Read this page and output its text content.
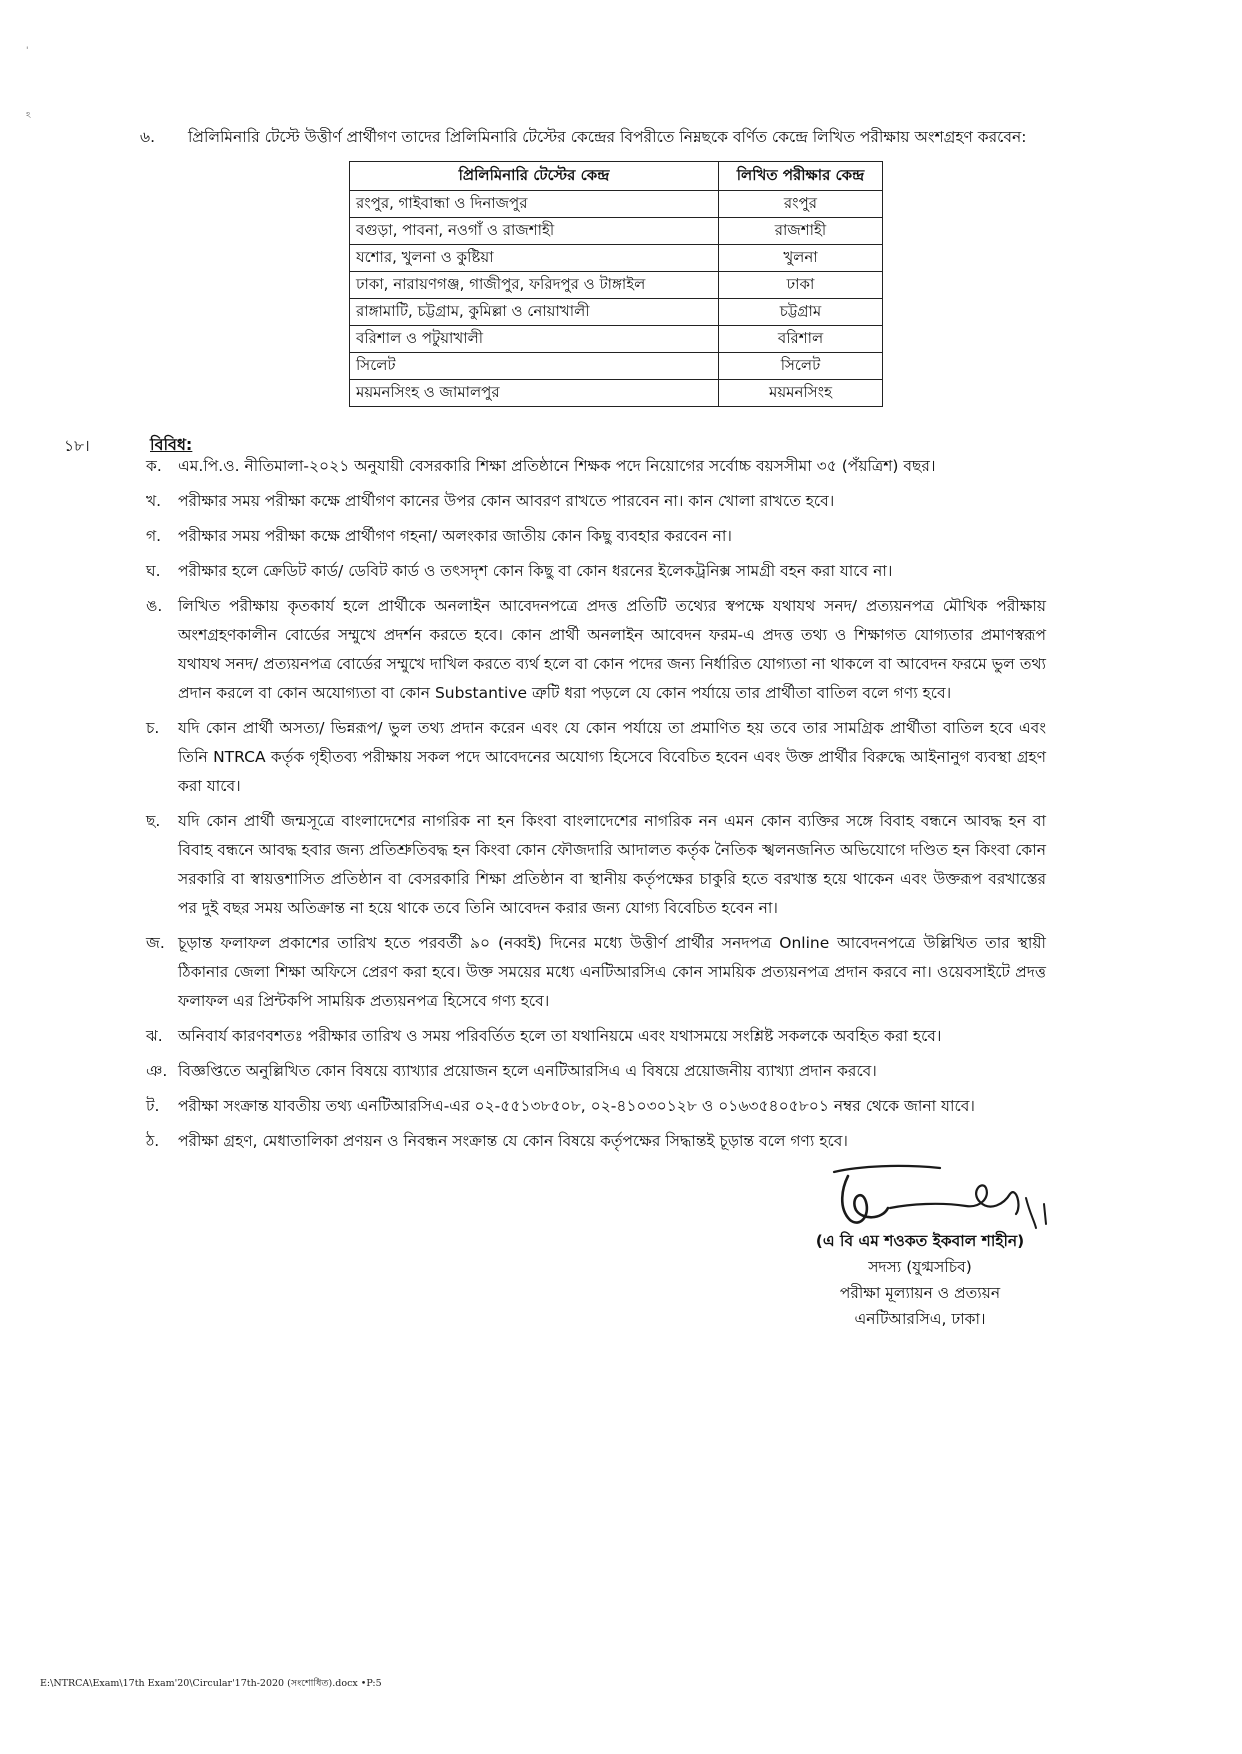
'
ঽ
৬. প্রিলিমিনারি টেস্টে উত্তীর্ণ প্রার্থীগণ তাদের প্রিলিমিনারি টেস্টের কেন্দ্রের বিপরীতে নিম্নছকে বর্ণিত কেন্দ্রে লিখিত পরীক্ষায় অংশগ্রহণ করবেন:
প্রিলিমিনারি টেস্টের কেন্দ্র	লিখিত পরীক্ষার কেন্দ্র
রংপুর, গাইবান্ধা ও দিনাজপুর	রংপুর
বগুড়া, পাবনা, নওগাঁ ও রাজশাহী	রাজশাহী
যশোর, খুলনা ও কুষ্টিয়া	খুলনা
ঢাকা, নারায়ণগঞ্জ, গাজীপুর, ফরিদপুর ও টাঙ্গাইল	ঢাকা
রাঙ্গামাটি, চট্টগ্রাম, কুমিল্লা ও নোয়াখালী	চট্টগ্রাম
বরিশাল ও পটুয়াখালী	বরিশাল
সিলেট	সিলেট
ময়মনসিংহ ও জামালপুর	ময়মনসিংহ
১৮।	বিবিধ:
ক. এম.পি.ও. নীতিমালা-২০২১ অনুযায়ী বেসরকারি শিক্ষা প্রতিষ্ঠানে শিক্ষক পদে নিয়োগের সর্বোচ্চ বয়সসীমা ৩৫ (পঁয়ত্রিশ) বছর।
খ. পরীক্ষার সময় পরীক্ষা কক্ষে প্রার্থীগণ কানের উপর কোন আবরণ রাখতে পারবেন না। কান খোলা রাখতে হবে।
গ. পরীক্ষার সময় পরীক্ষা কক্ষে প্রার্থীগণ গহনা/ অলংকার জাতীয় কোন কিছু ব্যবহার করবেন না।
ঘ. পরীক্ষার হলে ক্রেডিট কার্ড/ ডেবিট কার্ড ও তৎসদৃশ কোন কিছু বা কোন ধরনের ইলেকট্রনিক্স সামগ্রী বহন করা যাবে না।
ঙ. লিখিত পরীক্ষায় কৃতকার্য হলে প্রার্থীকে অনলাইন আবেদনপত্রে প্রদত্ত প্রতিটি তথ্যের স্বপক্ষে যথাযথ সনদ/ প্রত্যয়নপত্র মৌখিক পরীক্ষায় অংশগ্রহণকালীন বোর্ডের সম্মুখে প্রদর্শন করতে হবে। কোন প্রার্থী অনলাইন আবেদন ফরম-এ প্রদত্ত তথ্য ও শিক্ষাগত যোগ্যতার প্রমাণস্বরূপ যথাযথ সনদ/ প্রত্যয়নপত্র বোর্ডের সম্মুখে দাখিল করতে ব্যর্থ হলে বা কোন পদের জন্য নির্ধারিত যোগ্যতা না থাকলে বা আবেদন ফরমে ভুল তথ্য প্রদান করলে বা কোন অযোগ্যতা বা কোন Substantive ত্রুটি ধরা পড়লে যে কোন পর্যায়ে তার প্রার্থীতা বাতিল বলে গণ্য হবে।
চ. যদি কোন প্রার্থী অসত্য/ ভিন্নরূপ/ ভুল তথ্য প্রদান করেন এবং যে কোন পর্যায়ে তা প্রমাণিত হয় তবে তার সামগ্রিক প্রার্থীতা বাতিল হবে এবং তিনি NTRCA কর্তৃক গৃহীতব্য পরীক্ষায় সকল পদে আবেদনের অযোগ্য হিসেবে বিবেচিত হবেন এবং উক্ত প্রার্থীর বিরুদ্ধে আইনানুগ ব্যবস্থা গ্রহণ করা যাবে।
ছ. যদি কোন প্রার্থী জন্মসূত্রে বাংলাদেশের নাগরিক না হন কিংবা বাংলাদেশের নাগরিক নন এমন কোন ব্যক্তির সঙ্গে বিবাহ বন্ধনে আবদ্ধ হন বা বিবাহ বন্ধনে আবদ্ধ হবার জন্য প্রতিশ্রুতিবদ্ধ হন কিংবা কোন ফৌজদারি আদালত কর্তৃক নৈতিক স্খলনজনিত অভিযোগে দণ্ডিত হন কিংবা কোন সরকারি বা স্বায়ত্তশাসিত প্রতিষ্ঠান বা বেসরকারি শিক্ষা প্রতিষ্ঠান বা স্থানীয় কর্তৃপক্ষের চাকুরি হতে বরখাস্ত হয়ে থাকেন এবং উক্তরূপ বরখাস্তের পর দুই বছর সময় অতিক্রান্ত না হয়ে থাকে তবে তিনি আবেদন করার জন্য যোগ্য বিবেচিত হবেন না।
জ. চূড়ান্ত ফলাফল প্রকাশের তারিখ হতে পরবর্তী ৯০ (নব্বই) দিনের মধ্যে উত্তীর্ণ প্রার্থীর সনদপত্র Online আবেদনপত্রে উল্লিখিত তার স্থায়ী ঠিকানার জেলা শিক্ষা অফিসে প্রেরণ করা হবে। উক্ত সময়ের মধ্যে এনটিআরসিএ কোন সাময়িক প্রত্যয়নপত্র প্রদান করবে না। ওয়েবসাইটে প্রদত্ত ফলাফল এর প্রিন্টকপি সাময়িক প্রত্যয়নপত্র হিসেবে গণ্য হবে।
ঝ. অনিবার্য কারণবশতঃ পরীক্ষার তারিখ ও সময় পরিবর্তিত হলে তা যথানিয়মে এবং যথাসময়ে সংশ্লিষ্ট সকলকে অবহিত করা হবে।
ঞ. বিজ্ঞপ্তিতে অনুল্লিখিত কোন বিষয়ে ব্যাখ্যার প্রয়োজন হলে এনটিআরসিএ এ বিষয়ে প্রয়োজনীয় ব্যাখ্যা প্রদান করবে।
ট. পরীক্ষা সংক্রান্ত যাবতীয় তথ্য এনটিআরসিএ-এর ০২-৫৫১৩৮৫০৮, ০২-৪১০৩০১২৮ ও ০১৬৩৫৪০৫৮০১ নম্বর থেকে জানা যাবে।
ঠ. পরীক্ষা গ্রহণ, মেধাতালিকা প্রণয়ন ও নিবন্ধন সংক্রান্ত যে কোন বিষয়ে কর্তৃপক্ষের সিদ্ধান্তই চূড়ান্ত বলে গণ্য হবে।
(এ বি এম শওকত ইকবাল শাহীন)
সদস্য (যুগ্মসচিব)
পরীক্ষা মূল্যায়ন ও প্রত্যয়ন
এনটিআরসিএ, ঢাকা।
E:\NTRCA\Exam\17th Exam'20\Circular'17th-2020 (সংশোধিত).docx •P:5
